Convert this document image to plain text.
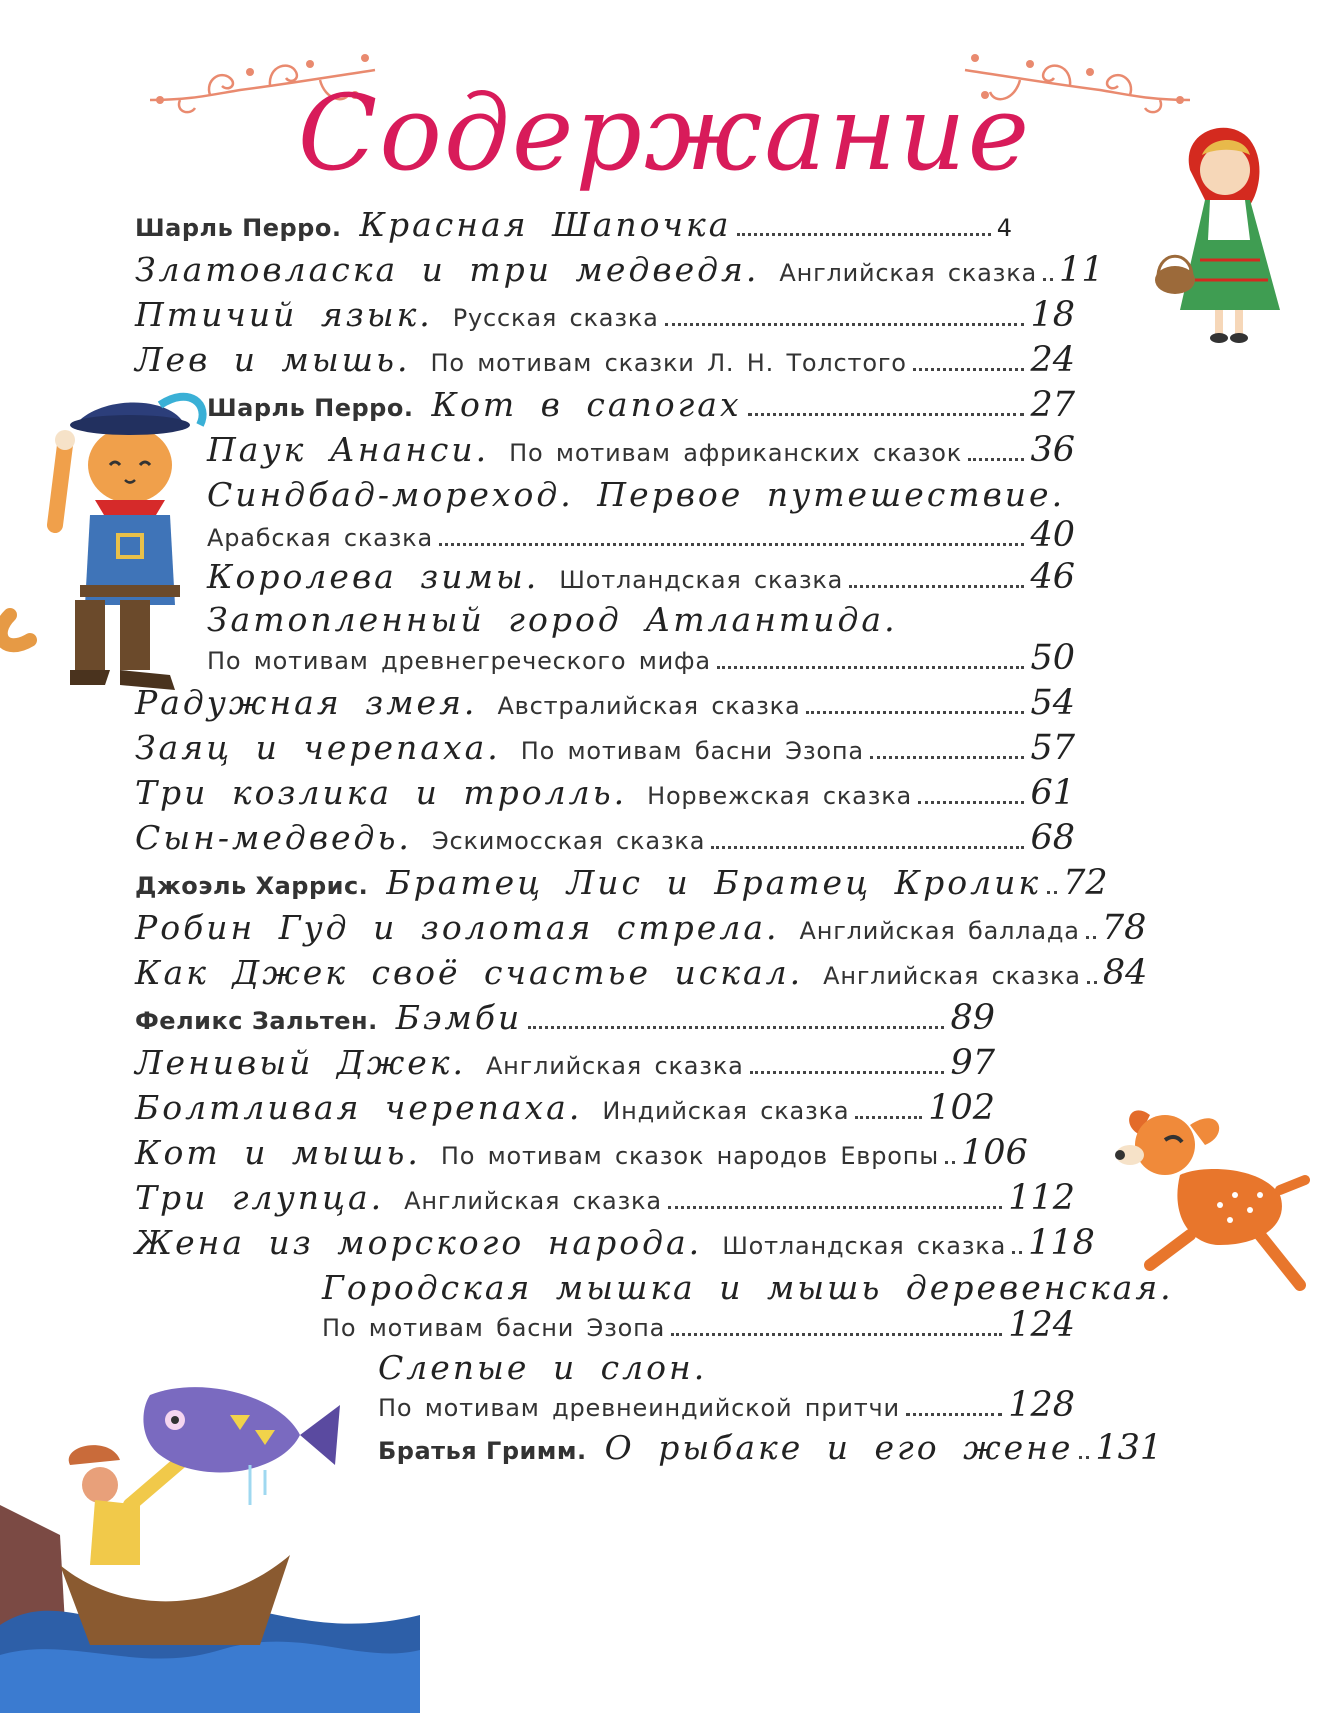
Содержание
Шарль Перро. Красная Шапочка	4
Златовласка и три медведя. Английская сказка 11
Птичий язык. Русская сказка	18
Лев и мышь. По мотивам сказки Л. Н. Толстого	24
Шарль Перро. Кот в сапогах	27
Паук Ананси. По мотивам африканских сказок 36
Синдбад-мореход. Первое путешествие.
Арабская сказка	40
Королева зимы. Шотландская сказка	46
Затопленный город Атлантида.
По мотивам древнегреческого мифа	50
Радужная змея. Австралийская сказка	54
Заяц и черепаха. По мотивам басни Эзопа	57
Три козлика и тролль. Норвежская сказка	61
Сын-медведь. Эскимосская сказка	68
Джоэль Харрис. Братец Лис и Братец Кролик 72
Робин Гуд и золотая стрела. Английская баллада 78
Как Джек своё счастье искал. Английская сказка 84
Феликс Зальтен. Бэмби	89
Ленивый Джек. Английская сказка	97
Болтливая черепаха. Индийская сказка 102
Кот и мышь. По мотивам сказок народов Европы 106
Три глупца. Английская сказка	112
Жена из морского народа. Шотландская сказка 118
Городская мышка и мышь деревенская.
По мотивам басни Эзопа	124
Слепые и слон.
По мотивам древнеиндийской притчи	128
Братья Гримм. О рыбаке и его жене 131
